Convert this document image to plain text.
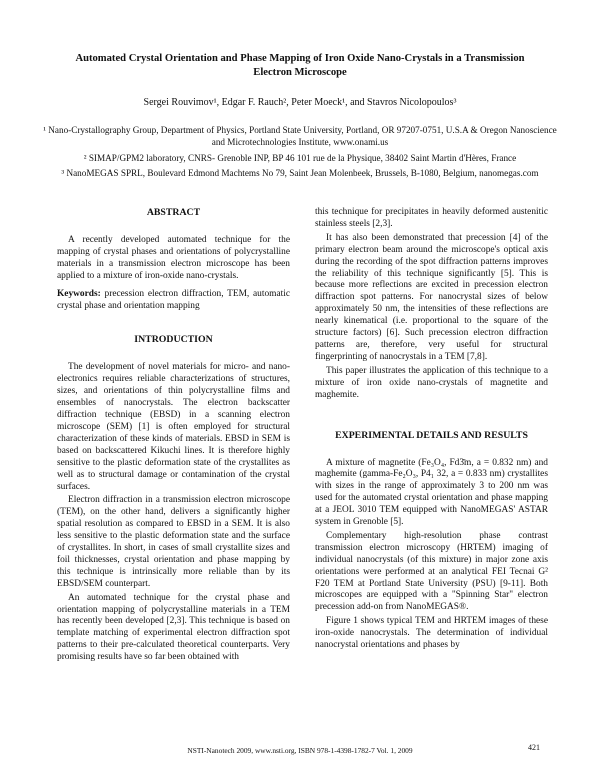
Automated Crystal Orientation and Phase Mapping of Iron Oxide Nano-Crystals in a Transmission Electron Microscope
Sergei Rouvimov¹, Edgar F. Rauch², Peter Moeck¹, and Stavros Nicolopoulos³
¹ Nano-Crystallography Group, Department of Physics, Portland State University, Portland, OR 97207-0751, U.S.A & Oregon Nanoscience and Microtechnologies Institute, www.onami.us
² SIMAP/GPM2 laboratory, CNRS- Grenoble INP, BP 46 101 rue de la Physique, 38402 Saint Martin d'Hères, France
³ NanoMEGAS SPRL, Boulevard Edmond Machtems No 79, Saint Jean Molenbeek, Brussels, B-1080, Belgium, nanomegas.com
ABSTRACT

A recently developed automated technique for the mapping of crystal phases and orientations of polycrystalline materials in a transmission electron microscope has been applied to a mixture of iron-oxide nano-crystals.

Keywords: precession electron diffraction, TEM, automatic crystal phase and orientation mapping

INTRODUCTION

The development of novel materials for micro- and nano-electronics requires reliable characterizations of structures, sizes, and orientations of thin polycrystalline films and ensembles of nanocrystals. The electron backscatter diffraction technique (EBSD) in a scanning electron microscope (SEM) [1] is often employed for structural characterization of these kinds of materials. EBSD in SEM is based on backscattered Kikuchi lines. It is therefore highly sensitive to the plastic deformation state of the crystallites as well as to structural damage or contamination of the crystal surfaces.

Electron diffraction in a transmission electron microscope (TEM), on the other hand, delivers a significantly higher spatial resolution as compared to EBSD in a SEM. It is also less sensitive to the plastic deformation state and the surface of crystallites. In short, in cases of small crystallite sizes and foil thicknesses, crystal orientation and phase mapping by this technique is intrinsically more reliable than by its EBSD/SEM counterpart.

An automated technique for the crystal phase and orientation mapping of polycrystalline materials in a TEM has recently been developed [2,3]. This technique is based on template matching of experimental electron diffraction spot patterns to their pre-calculated theoretical counterparts. Very promising results have so far been obtained with

this technique for precipitates in heavily deformed austenitic stainless steels [2,3].

It has also been demonstrated that precession [4] of the primary electron beam around the microscope's optical axis during the recording of the spot diffraction patterns improves the reliability of this technique significantly [5]. This is because more reflections are excited in precession electron diffraction spot patterns. For nanocrystal sizes of below approximately 50 nm, the intensities of these reflections are nearly kinematical (i.e. proportional to the square of the structure factors) [6]. Such precession electron diffraction patterns are, therefore, very useful for structural fingerprinting of nanocrystals in a TEM [7,8].

This paper illustrates the application of this technique to a mixture of iron oxide nano-crystals of magnetite and maghemite.

EXPERIMENTAL DETAILS AND RESULTS

A mixture of magnetite (Fe₃O₄, Fd3̄m, a = 0.832 nm) and maghemite (gamma-Fe₂O₃, P4₁ 32, a = 0.833 nm) crystallites with sizes in the range of approximately 3 to 200 nm was used for the automated crystal orientation and phase mapping at a JEOL 3010 TEM equipped with NanoMEGAS' ASTAR system in Grenoble [5].

Complementary high-resolution phase contrast transmission electron microscopy (HRTEM) imaging of individual nanocrystals (of this mixture) in major zone axis orientations were performed at an analytical FEI Tecnai G² F20 TEM at Portland State University (PSU) [9-11]. Both microscopes are equipped with a "Spinning Star" electron precession add-on from NanoMEGAS®.

Figure 1 shows typical TEM and HRTEM images of these iron-oxide nanocrystals. The determination of individual nanocrystal orientations and phases by

NSTI-Nanotech 2009, www.nsti.org, ISBN 978-1-4398-1782-7 Vol. 1, 2009	421
